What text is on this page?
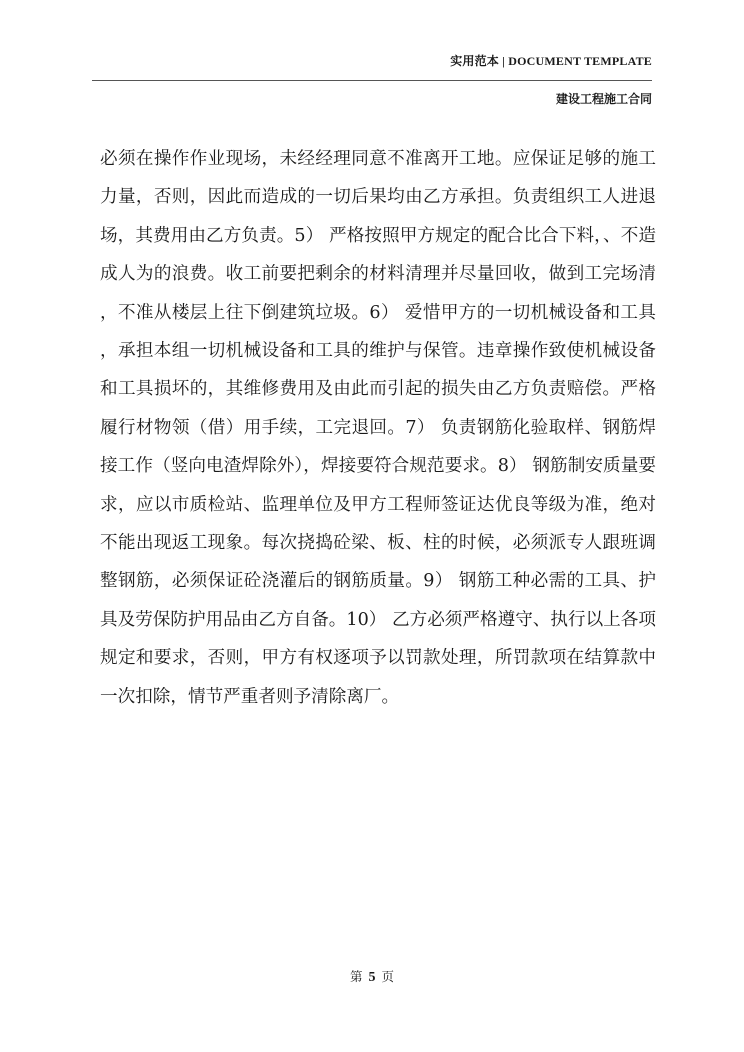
实用范本 | DOCUMENT TEMPLATE
建设工程施工合同

必须在操作作业现场，未经经理同意不准离开工地。应保证足够的施工力量，否则，因此而造成的一切后果均由乙方承担。负责组织工人进退场，其费用由乙方负责。5） 严格按照甲方规定的配合比合下料，、不造成人为的浪费。收工前要把剩余的材料清理并尽量回收，做到工完场清，不准从楼层上往下倒建筑垃圾。6） 爱惜甲方的一切机械设备和工具，承担本组一切机械设备和工具的维护与保管。违章操作致使机械设备和工具损坏的，其维修费用及由此而引起的损失由乙方负责赔偿。严格履行材物领（借）用手续，工完退回。7） 负责钢筋化验取样、钢筋焊接工作（竖向电渣焊除外），焊接要符合规范要求。8） 钢筋制安质量要求，应以市质检站、监理单位及甲方工程师签证达优良等级为准，绝对不能出现返工现象。每次挠捣砼梁、板、柱的时候，必须派专人跟班调整钢筋，必须保证砼浇灌后的钢筋质量。9） 钢筋工种必需的工具、护具及劳保防护用品由乙方自备。10） 乙方必须严格遵守、执行以上各项规定和要求，否则，甲方有权逐项予以罚款处理，所罚款项在结算款中一次扣除，情节严重者则予清除离厂。

第 5 页
